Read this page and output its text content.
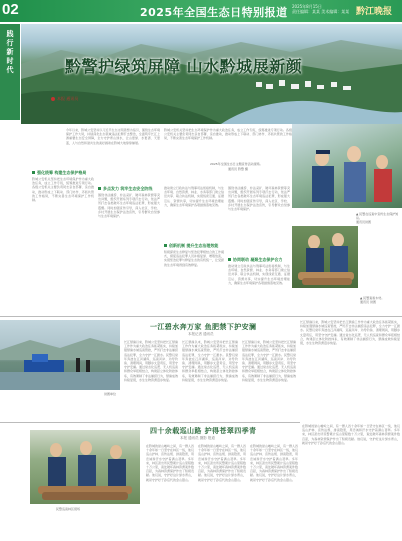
02	2025年全国生态日特别报道 2025年8月15日
责任编辑：某某 美术编辑：某某 黔江晚报
践行新时代	黔警护绿筑屏障 山水黔城展新颜
本报 通讯员
今年以来，黔城公安坚持以习近平生态文明思想为指引，围绕生态环境保护工作大局，持续深化生态领域违法犯罪打击整治，全面筑牢长江上游重要生态安全屏障，全力守护青山绿水，让山更绿、水更清、天更蓝，人与自然和谐共生的美好画卷在黔城大地徐徐铺展。
黔城公安机关坚持把生态环境保护作为重大政治任务，成立工作专班，统筹推进专项行动。各级公安机关主要负责同志亲自部署、亲自推动，推动形成上下联动、部门协作、齐抓共管的工作格局，不断完善生态环境保护工作机制。
2025年全国生态日主题宣传活动现场。
通讯员 黔警 摄
▲ 民警在巡查中宣传生态保护知识。
通讯员供图
▲ 民警查验木材。
通讯员 供图
强化统筹 构建生态保护格局
黔城公安机关坚持把生态环境保护作为重大政治任务，成立工作专班，统筹推进专项行动。各级公安机关主要负责同志亲自部署、亲自推动，推动形成上下联动、部门协作、齐抓共管的工作格局，不断完善生态环境保护工作机制。
多点发力 筑牢生态安全防线
围绕非法捕捞、非法采矿、破坏森林资源等突出问题，组织开展系列专项打击行动，依法严厉打击各类破坏生态环境违法犯罪，形成强大震慑。同时加强宣传引导，深入社区、学校、乡村开展生态保护法治宣传，引导群众自觉参与生态环境保护。
推动建立行政执法与刑事司法衔接机制，与生态环境、自然资源、林业、水务等部门建立信息共享、联合执法机制，实现线索互通、证据互认、资源共享，切实提升生态环境治理能力，确保生态环境保护各项措施落地见效。
创新机制 提升生态治理效能
积极探索生态修复与惩治犯罪相结合的工作模式，督促违法犯罪人员补植复绿、增殖放流，实现惩治犯罪与修复生态的有机统一，让受损的生态环境得到有效修复。
围绕非法捕捞、非法采矿、破坏森林资源等突出问题，组织开展系列专项打击行动，依法严厉打击各类破坏生态环境违法犯罪，形成强大震慑。同时加强宣传引导，深入社区、学校、乡村开展生态保护法治宣传，引导群众自觉参与生态环境保护。
协同联动 凝聚生态保护合力
推动建立行政执法与刑事司法衔接机制，与生态环境、自然资源、林业、水务等部门建立信息共享、联合执法机制，实现线索互通、证据互认、资源共享，切实提升生态环境治理能力，确保生态环境保护各项措施落地见效。
供图单位
一江碧水奔万家 鱼肥禁下护安澜
本报记者 通讯员
长江禁渔以来，黔城公安坚持把长江禁渔工作作为重大政治任务抓紧抓实，持续加强禁渔水域巡查管控，严厉打击非法捕捞违法犯罪，全力守护一江碧水。民警们常年奔波在江河湖库，巡查河岸、劝导钓鱼、清理网具，用脚步丈量责任，用坚守守护安澜。通过常态化巡逻、无人机巡查和群众举报相结合，构建起立体化防控体系，有效遏制了非法捕捞行为，禁渔成效持续显现，水生生物资源逐步恢复。
长江禁渔以来，黔城公安坚持把长江禁渔工作作为重大政治任务抓紧抓实，持续加强禁渔水域巡查管控，严厉打击非法捕捞违法犯罪，全力守护一江碧水。民警们常年奔波在江河湖库，巡查河岸、劝导钓鱼、清理网具，用脚步丈量责任，用坚守守护安澜。通过常态化巡逻、无人机巡查和群众举报相结合，构建起立体化防控体系，有效遏制了非法捕捞行为，禁渔成效持续显现，水生生物资源逐步恢复。
长江禁渔以来，黔城公安坚持把长江禁渔工作作为重大政治任务抓紧抓实，持续加强禁渔水域巡查管控，严厉打击非法捕捞违法犯罪，全力守护一江碧水。民警们常年奔波在江河湖库，巡查河岸、劝导钓鱼、清理网具，用脚步丈量责任，用坚守守护安澜。通过常态化巡逻、无人机巡查和群众举报相结合，构建起立体化防控体系，有效遏制了非法捕捞行为，禁渔成效持续显现，水生生物资源逐步恢复。
长江禁渔以来，黔城公安坚持把长江禁渔工作作为重大政治任务抓紧抓实，持续加强禁渔水域巡查管控，严厉打击非法捕捞违法犯罪，全力守护一江碧水。民警们常年奔波在江河湖库，巡查河岸、劝导钓鱼、清理网具，用脚步丈量责任，用坚守守护安澜。通过常态化巡逻、无人机巡查和群众举报相结合，构建起立体化防控体系，有效遏制了非法捕捞行为，禁渔成效持续显现，水生生物资源逐步恢复。
四十余载巡山路 护得苍翠四季青
本报 通讯员 摄影 报道
民警巡查林区现场
在黔城的崇山峻岭之间，有一群人四十余年如一日坚守在林区一线，他们巡山护林、宣传法规、排查隐患，用忠诚和汗水守护着满山苍翠。多年来，林区派出所民警累计巡山里程数十万公里，查处破坏森林资源案件数百起，为森林资源保护作出了积极贡献。他们说，守护好这片绿水青山，就是守护好子孙后代的金山银山。
在黔城的崇山峻岭之间，有一群人四十余年如一日坚守在林区一线，他们巡山护林、宣传法规、排查隐患，用忠诚和汗水守护着满山苍翠。多年来，林区派出所民警累计巡山里程数十万公里，查处破坏森林资源案件数百起，为森林资源保护作出了积极贡献。他们说，守护好这片绿水青山，就是守护好子孙后代的金山银山。
在黔城的崇山峻岭之间，有一群人四十余年如一日坚守在林区一线，他们巡山护林、宣传法规、排查隐患，用忠诚和汗水守护着满山苍翠。多年来，林区派出所民警累计巡山里程数十万公里，查处破坏森林资源案件数百起，为森林资源保护作出了积极贡献。他们说，守护好这片绿水青山，就是守护好子孙后代的金山银山。
在黔城的崇山峻岭之间，有一群人四十余年如一日坚守在林区一线，他们巡山护林、宣传法规、排查隐患，用忠诚和汗水守护着满山苍翠。多年来，林区派出所民警累计巡山里程数十万公里，查处破坏森林资源案件数百起，为森林资源保护作出了积极贡献。他们说，守护好这片绿水青山，就是守护好子孙后代的金山银山。
